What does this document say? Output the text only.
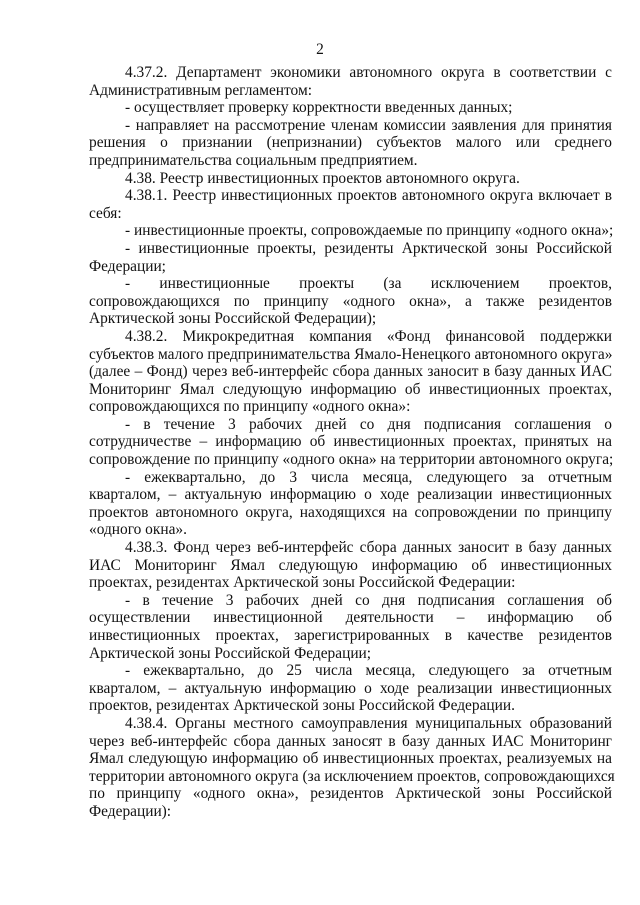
2
4.37.2. Департамент экономики автономного округа в соответствии с
Административным регламентом:
- осуществляет проверку корректности введенных данных;
- направляет на рассмотрение членам комиссии заявления для принятия
решения о признании (непризнании) субъектов малого или среднего
предпринимательства социальным предприятием.
4.38. Реестр инвестиционных проектов автономного округа.
4.38.1. Реестр инвестиционных проектов автономного округа включает в
себя:
- инвестиционные проекты, сопровождаемые по принципу «одного окна»;
- инвестиционные проекты, резиденты Арктической зоны Российской
Федерации;
- инвестиционные проекты (за исключением проектов,
сопровождающихся по принципу «одного окна», а также резидентов
Арктической зоны Российской Федерации);
4.38.2. Микрокредитная компания «Фонд финансовой поддержки
субъектов малого предпринимательства Ямало-Ненецкого автономного округа»
(далее – Фонд) через веб-интерфейс сбора данных заносит в базу данных ИАС
Мониторинг Ямал следующую информацию об инвестиционных проектах,
сопровождающихся по принципу «одного окна»:
- в течение 3 рабочих дней со дня подписания соглашения о
сотрудничестве – информацию об инвестиционных проектах, принятых на
сопровождение по принципу «одного окна» на территории автономного округа;
- ежеквартально, до 3 числа месяца, следующего за отчетным
кварталом, – актуальную информацию о ходе реализации инвестиционных
проектов автономного округа, находящихся на сопровождении по принципу
«одного окна».
4.38.3. Фонд через веб-интерфейс сбора данных заносит в базу данных
ИАС Мониторинг Ямал следующую информацию об инвестиционных
проектах, резидентах Арктической зоны Российской Федерации:
- в течение 3 рабочих дней со дня подписания соглашения об
осуществлении инвестиционной деятельности – информацию об
инвестиционных проектах, зарегистрированных в качестве резидентов
Арктической зоны Российской Федерации;
- ежеквартально, до 25 числа месяца, следующего за отчетным
кварталом, – актуальную информацию о ходе реализации инвестиционных
проектов, резидентах Арктической зоны Российской Федерации.
4.38.4. Органы местного самоуправления муниципальных образований
через веб-интерфейс сбора данных заносят в базу данных ИАС Мониторинг
Ямал следующую информацию об инвестиционных проектах, реализуемых на
территории автономного округа (за исключением проектов, сопровождающихся
по принципу «одного окна», резидентов Арктической зоны Российской
Федерации):
